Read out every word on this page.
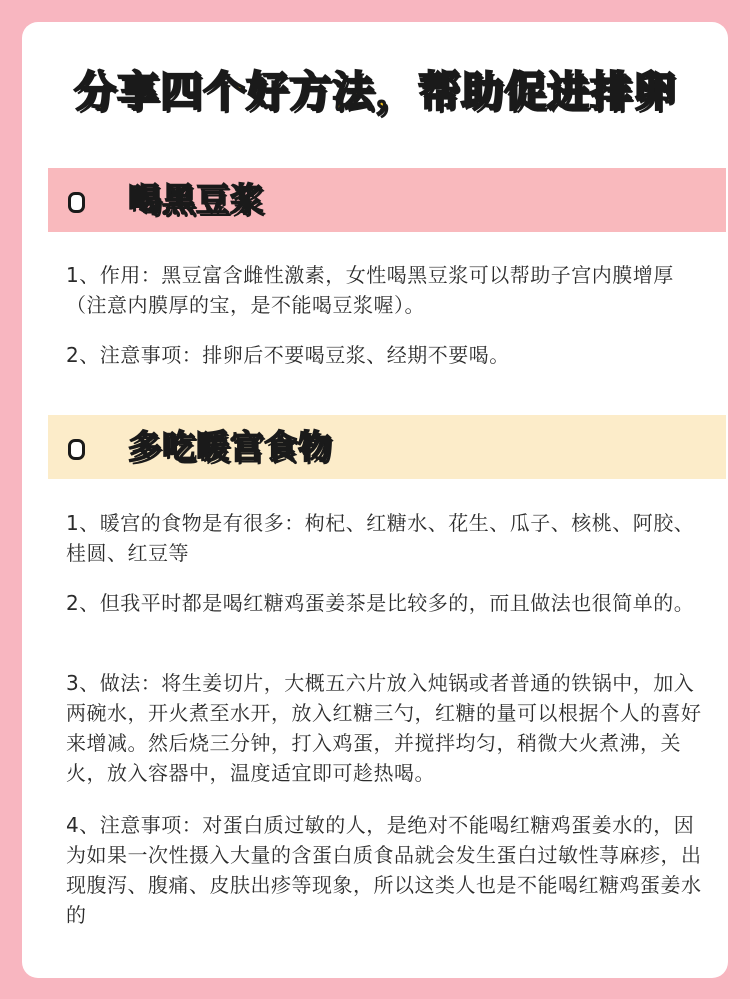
分享四个好方法，帮助促进排卵
喝黑豆浆

1、作用：黑豆富含雌性激素，女性喝黑豆浆可以帮助子宫内膜增厚（注意内膜厚的宝，是不能喝豆浆喔）。

2、注意事项：排卵后不要喝豆浆、经期不要喝。

多吃暖宫食物

1、暖宫的食物是有很多：枸杞、红糖水、花生、瓜子、核桃、阿胶、桂圆、红豆等

2、但我平时都是喝红糖鸡蛋姜茶是比较多的，而且做法也很简单的。

3、做法：将生姜切片，大概五六片放入炖锅或者普通的铁锅中，加入两碗水，开火煮至水开，放入红糖三勺，红糖的量可以根据个人的喜好来增减。然后烧三分钟，打入鸡蛋，并搅拌均匀，稍微大火煮沸，关火，放入容器中，温度适宜即可趁热喝。

4、注意事项：对蛋白质过敏的人，是绝对不能喝红糖鸡蛋姜水的，因为如果一次性摄入大量的含蛋白质食品就会发生蛋白过敏性荨麻疹，出现腹泻、腹痛、皮肤出疹等现象，所以这类人也是不能喝红糖鸡蛋姜水的
